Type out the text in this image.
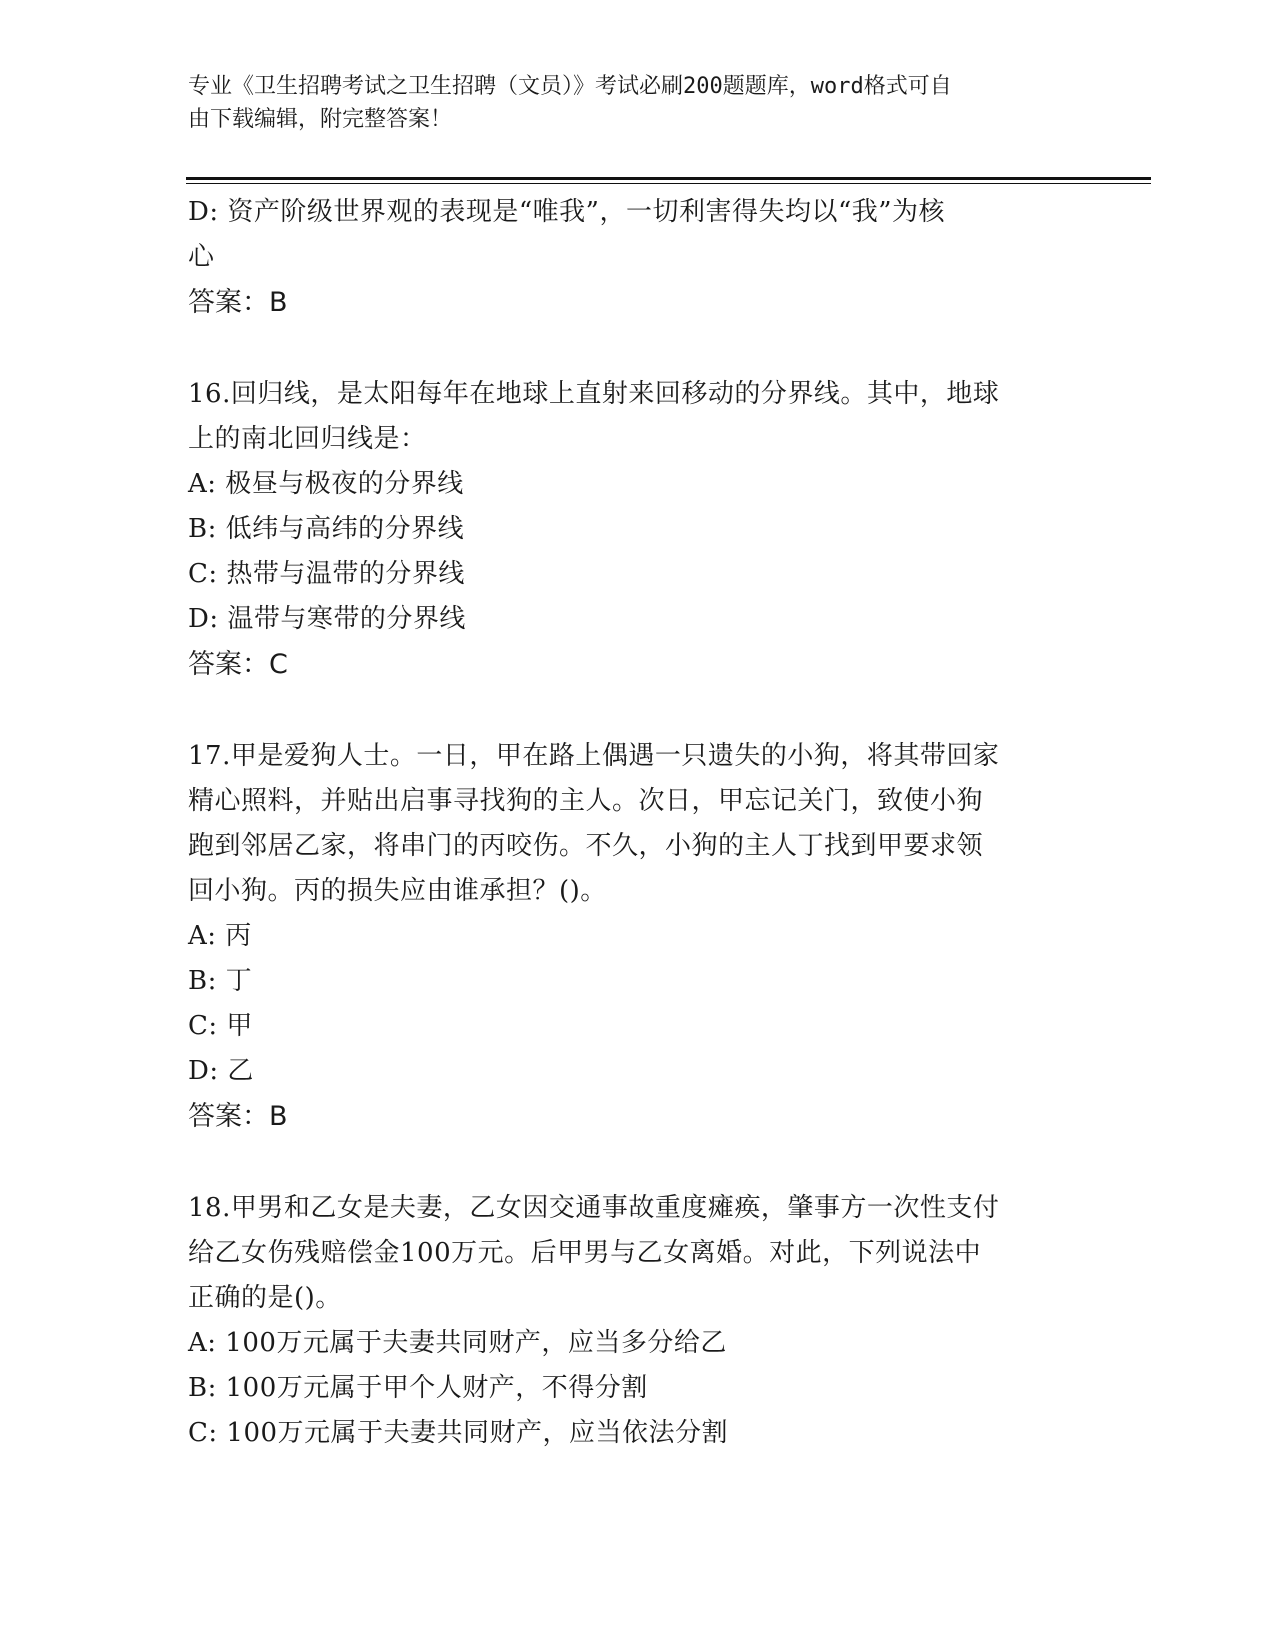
专业《卫生招聘考试之卫生招聘（文员）》考试必刷200题题库，word格式可自
由下载编辑，附完整答案！
D: 资产阶级世界观的表现是“唯我”，一切利害得失均以“我”为核
心
答案：B
16.回归线，是太阳每年在地球上直射来回移动的分界线。其中，地球
上的南北回归线是：
A: 极昼与极夜的分界线
B: 低纬与高纬的分界线
C: 热带与温带的分界线
D: 温带与寒带的分界线
答案：C
17.甲是爱狗人士。一日，甲在路上偶遇一只遗失的小狗，将其带回家
精心照料，并贴出启事寻找狗的主人。次日，甲忘记关门，致使小狗
跑到邻居乙家，将串门的丙咬伤。不久，小狗的主人丁找到甲要求领
回小狗。丙的损失应由谁承担？()。
A: 丙
B: 丁
C: 甲
D: 乙
答案：B
18.甲男和乙女是夫妻，乙女因交通事故重度瘫痪，肇事方一次性支付
给乙女伤残赔偿金100万元。后甲男与乙女离婚。对此，下列说法中
正确的是()。
A: 100万元属于夫妻共同财产，应当多分给乙
B: 100万元属于甲个人财产，不得分割
C: 100万元属于夫妻共同财产，应当依法分割
